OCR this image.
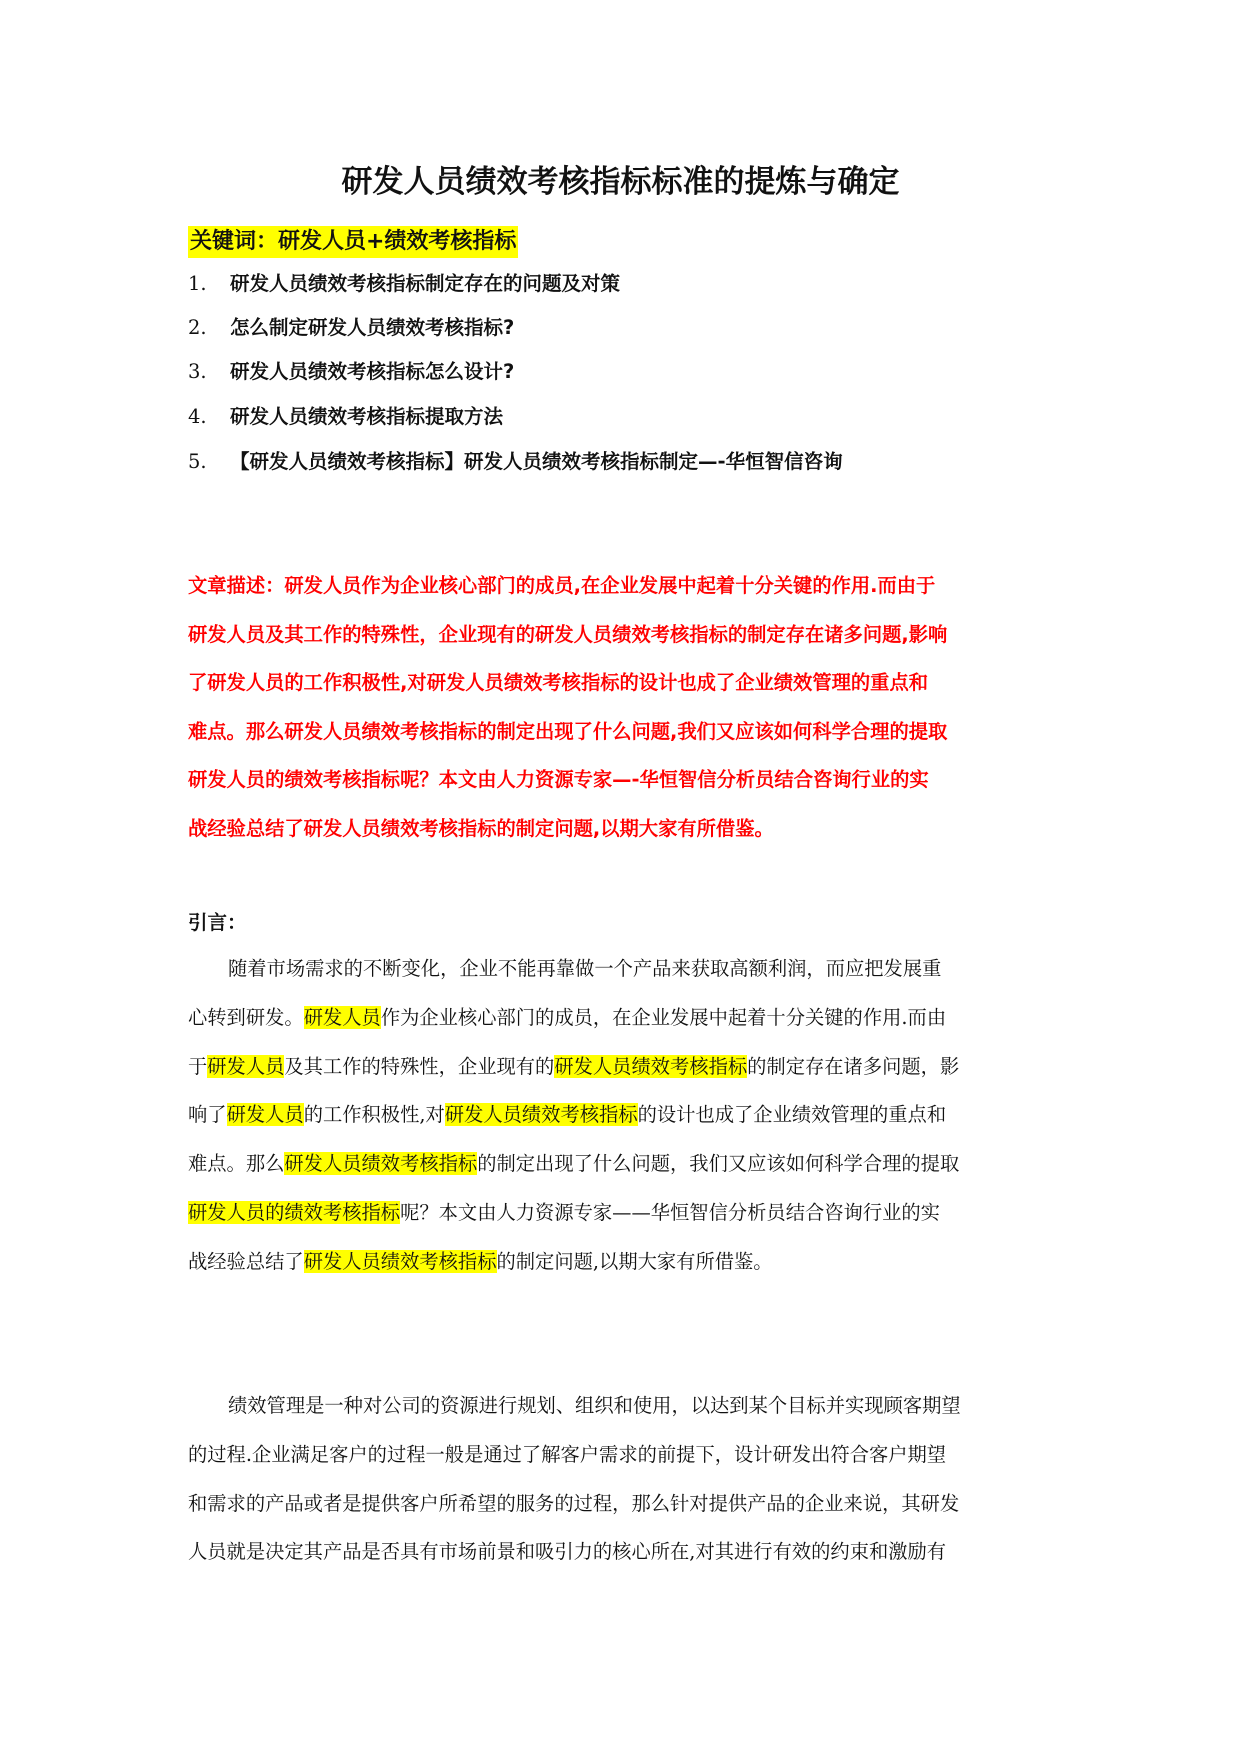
研发人员绩效考核指标标准的提炼与确定
关键词：研发人员+绩效考核指标
1. 研发人员绩效考核指标制定存在的问题及对策
2. 怎么制定研发人员绩效考核指标?
3. 研发人员绩效考核指标怎么设计?
4. 研发人员绩效考核指标提取方法
5. 【研发人员绩效考核指标】研发人员绩效考核指标制定—-华恒智信咨询
文章描述：研发人员作为企业核心部门的成员,在企业发展中起着十分关键的作用.而由于
研发人员及其工作的特殊性，企业现有的研发人员绩效考核指标的制定存在诸多问题,影响
了研发人员的工作积极性,对研发人员绩效考核指标的设计也成了企业绩效管理的重点和
难点。那么研发人员绩效考核指标的制定出现了什么问题,我们又应该如何科学合理的提取
研发人员的绩效考核指标呢？本文由人力资源专家—-华恒智信分析员结合咨询行业的实
战经验总结了研发人员绩效考核指标的制定问题,以期大家有所借鉴。
引言：
随着市场需求的不断变化，企业不能再靠做一个产品来获取高额利润，而应把发展重
心转到研发。研发人员作为企业核心部门的成员，在企业发展中起着十分关键的作用.而由
于研发人员及其工作的特殊性，企业现有的研发人员绩效考核指标的制定存在诸多问题，影
响了研发人员的工作积极性,对研发人员绩效考核指标的设计也成了企业绩效管理的重点和
难点。那么研发人员绩效考核指标的制定出现了什么问题，我们又应该如何科学合理的提取
研发人员的绩效考核指标呢？本文由人力资源专家——华恒智信分析员结合咨询行业的实
战经验总结了研发人员绩效考核指标的制定问题,以期大家有所借鉴。
绩效管理是一种对公司的资源进行规划、组织和使用，以达到某个目标并实现顾客期望
的过程.企业满足客户的过程一般是通过了解客户需求的前提下，设计研发出符合客户期望
和需求的产品或者是提供客户所希望的服务的过程，那么针对提供产品的企业来说，其研发
人员就是决定其产品是否具有市场前景和吸引力的核心所在,对其进行有效的约束和激励有
